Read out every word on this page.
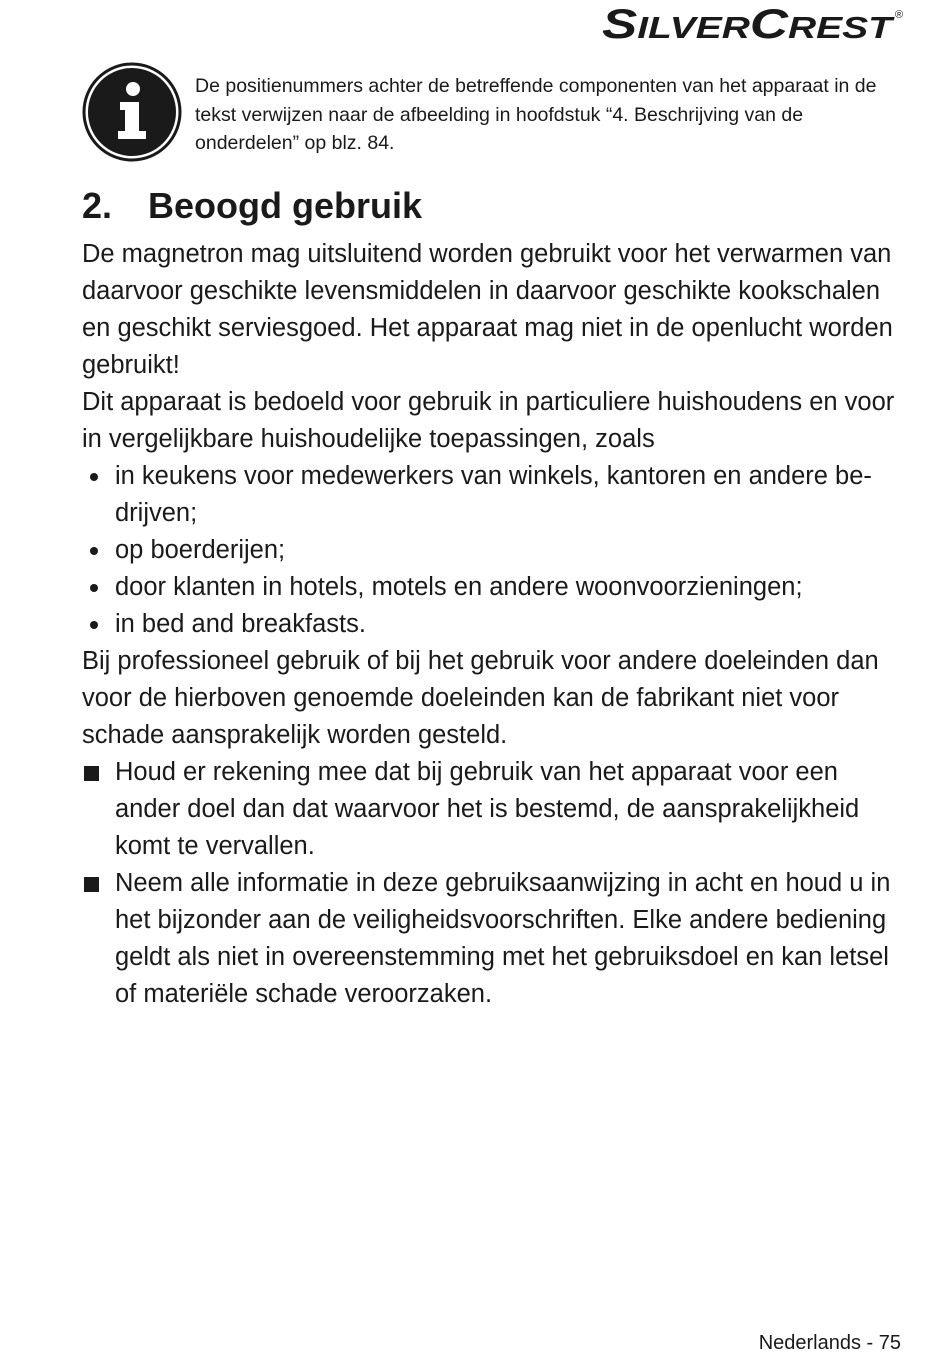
S ILVER C REST	®
De positienummers achter de betreffende componenten van het apparaat in de tekst verwijzen naar de afbeelding in hoofdstuk “4. Beschrijving van de onderdelen” op blz. 84.
2. Beoogd gebruik

De magnetron mag uitsluitend worden gebruikt voor het verwarmen van daarvoor geschikte levensmiddelen in daarvoor geschikte kookschalen en geschikt serviesgoed. Het apparaat mag niet in de openlucht worden gebruikt!

Dit apparaat is bedoeld voor gebruik in particuliere huishoudens en voor in vergelijkbare huishoudelijke toepassingen, zoals

in keukens voor medewerkers van winkels, kantoren en andere bedrijven;
op boerderijen;
door klanten in hotels, motels en andere woonvoorzieningen;
in bed and breakfasts.

Bij professioneel gebruik of bij het gebruik voor andere doeleinden dan voor de hierboven genoemde doeleinden kan de fabrikant niet voor schade aansprakelijk worden gesteld.

Houd er rekening mee dat bij gebruik van het apparaat voor een ander doel dan dat waarvoor het is bestemd, de aansprakelijkheid komt te vervallen.
Neem alle informatie in deze gebruiksaanwijzing in acht en houd u in het bijzonder aan de veiligheidsvoorschriften. Elke andere bediening geldt als niet in overeenstemming met het gebruiksdoel en kan letsel of materiële schade veroorzaken.
Nederlands - 75
